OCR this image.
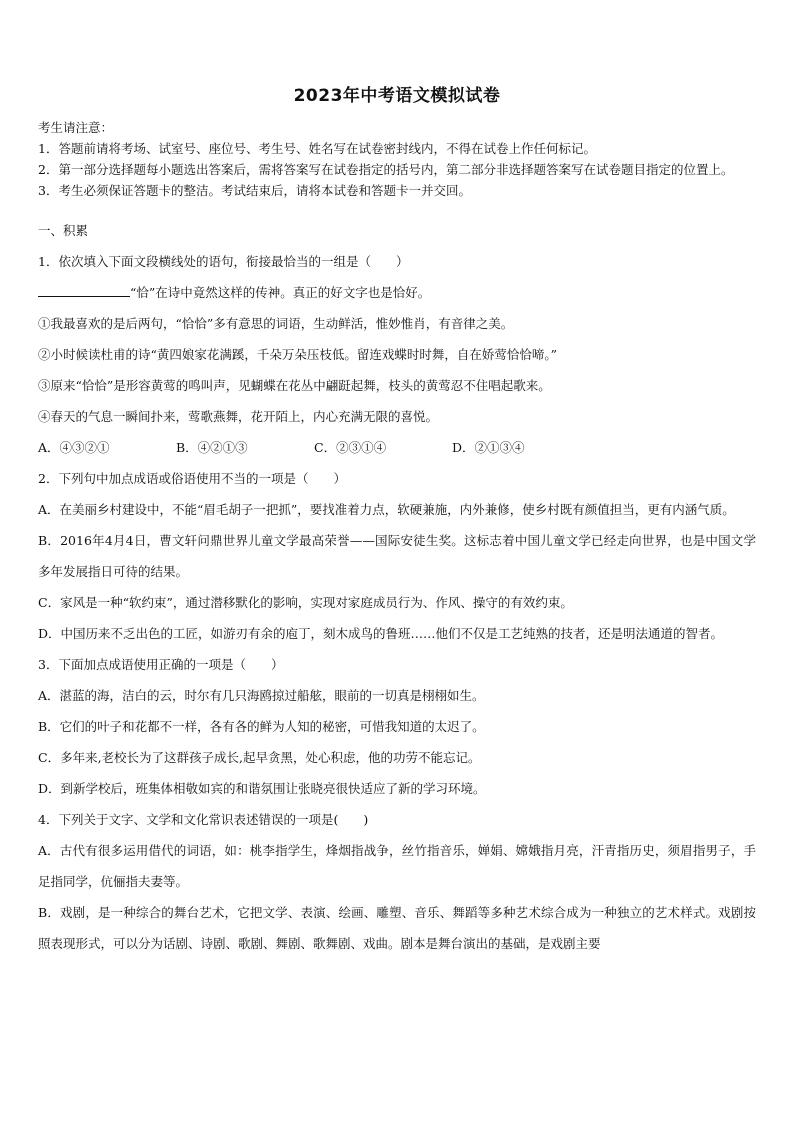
2023年中考语文模拟试卷

考生请注意：

1．答题前请将考场、试室号、座位号、考生号、姓名写在试卷密封线内，不得在试卷上作任何标记。

2．第一部分选择题每小题选出答案后，需将答案写在试卷指定的括号内，第二部分非选择题答案写在试卷题目指定的位置上。

3．考生必须保证答题卡的整洁。考试结束后，请将本试卷和答题卡一并交回。

一、积累

1．依次填入下面文段横线处的语句，衔接最恰当的一组是（　　）

“恰”在诗中竟然这样的传神。真正的好文字也是恰好。

①我最喜欢的是后两句，“恰恰”多有意思的词语，生动鲜活，惟妙惟肖，有音律之美。

②小时候读杜甫的诗“黄四娘家花满蹊，千朵万朵压枝低。留连戏蝶时时舞，自在娇莺恰恰啼。”

③原来“恰恰”是形容黄莺的鸣叫声，见蝴蝶在花丛中翩跹起舞，枝头的黄莺忍不住唱起歌来。

④春天的气息一瞬间扑来，莺歌燕舞，花开陌上，内心充满无限的喜悦。

A．④③②①	B．④②①③	C．②③①④	D．②①③④

2．下列句中加点成语或俗语使用不当的一项是（　　）

A．在美丽乡村建设中，不能“眉毛胡子一把抓”，要找准着力点，软硬兼施，内外兼修，使乡村既有颜值担当，更有内涵气质。

B．2016年4月4日，曹文轩问鼎世界儿童文学最高荣誉——国际安徒生奖。这标志着中国儿童文学已经走向世界，也是中国文学多年发展指日可待的结果。

C．家风是一种“软约束”，通过潜移默化的影响，实现对家庭成员行为、作风、操守的有效约束。

D．中国历来不乏出色的工匠，如游刃有余的庖丁，刻木成鸟的鲁班……他们不仅是工艺纯熟的技者，还是明法通道的智者。

3．下面加点成语使用正确的一项是（　　）

A．湛蓝的海，洁白的云，时尔有几只海鸥掠过船舷，眼前的一切真是栩栩如生。

B．它们的叶子和花都不一样，各有各的鲜为人知的秘密，可惜我知道的太迟了。

C．多年来,老校长为了这群孩子成长,起早贪黑，处心积虑，他的功劳不能忘记。

D．到新学校后，班集体相敬如宾的和谐氛围让张晓亮很快适应了新的学习环境。

4．下列关于文字、文学和文化常识表述错误的一项是(　　)

A．古代有很多运用借代的词语，如：桃李指学生，烽烟指战争，丝竹指音乐，婵娟、嫦娥指月亮，汗青指历史，须眉指男子，手足指同学，伉俪指夫妻等。

B．戏剧，是一种综合的舞台艺术，它把文学、表演、绘画、雕塑、音乐、舞蹈等多种艺术综合成为一种独立的艺术样式。戏剧按照表现形式，可以分为话剧、诗剧、歌剧、舞剧、歌舞剧、戏曲。剧本是舞台演出的基础，是戏剧主要
